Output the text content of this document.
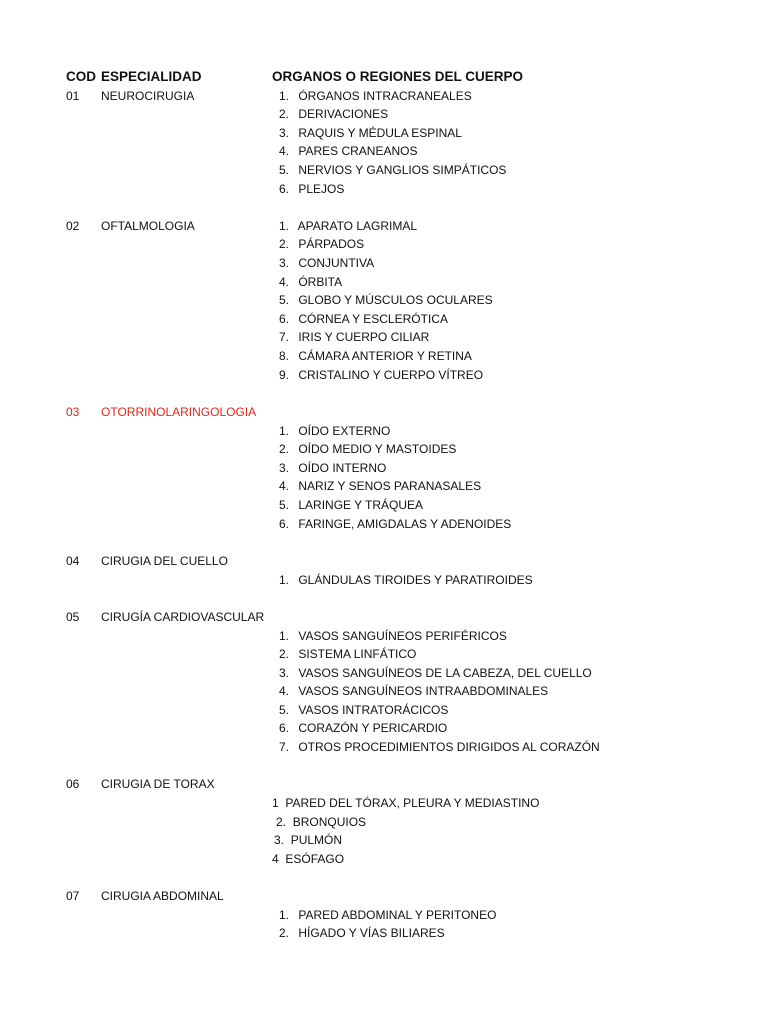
COD ESPECIALIDAD	ORGANOS O REGIONES DEL CUERPO
01 NEUROCIRUGIA	1. ÓRGANOS INTRACRANEALES
2. DERIVACIONES
3. RAQUIS Y MÉDULA ESPINAL
4. PARES CRANEANOS
5. NERVIOS Y GANGLIOS SIMPÁTICOS
6. PLEJOS
02 OFTALMOLOGIA	1. APARATO LAGRIMAL
2. PÁRPADOS
3. CONJUNTIVA
4. ÓRBITA
5. GLOBO Y MÚSCULOS OCULARES
6. CÓRNEA Y ESCLERÓTICA
7. IRIS Y CUERPO CILIAR
8. CÁMARA ANTERIOR Y RETINA
9. CRISTALINO Y CUERPO VÍTREO
03 OTORRINOLARINGOLOGIA
1. OÍDO EXTERNO
2. OÍDO MEDIO Y MASTOIDES
3. OÍDO INTERNO
4. NARIZ Y SENOS PARANASALES
5. LARINGE Y TRÁQUEA
6. FARINGE, AMIGDALAS Y ADENOIDES
04 CIRUGIA DEL CUELLO
1. GLÁNDULAS TIROIDES Y PARATIROIDES
05 CIRUGÍA CARDIOVASCULAR
1. VASOS SANGUÍNEOS PERIFÉRICOS
2. SISTEMA LINFÁTICO
3. VASOS SANGUÍNEOS DE LA CABEZA, DEL CUELLO
4. VASOS SANGUÍNEOS INTRAABDOMINALES
5. VASOS INTRATORÁCICOS
6. CORAZÓN Y PERICARDIO
7. OTROS PROCEDIMIENTOS DIRIGIDOS AL CORAZÓN
06 CIRUGIA DE TORAX
1 PARED DEL TÓRAX, PLEURA Y MEDIASTINO
2. BRONQUIOS
3. PULMÓN
4 ESÓFAGO
07 CIRUGIA ABDOMINAL
1. PARED ABDOMINAL Y PERITONEO
2. HÍGADO Y VÍAS BILIARES
